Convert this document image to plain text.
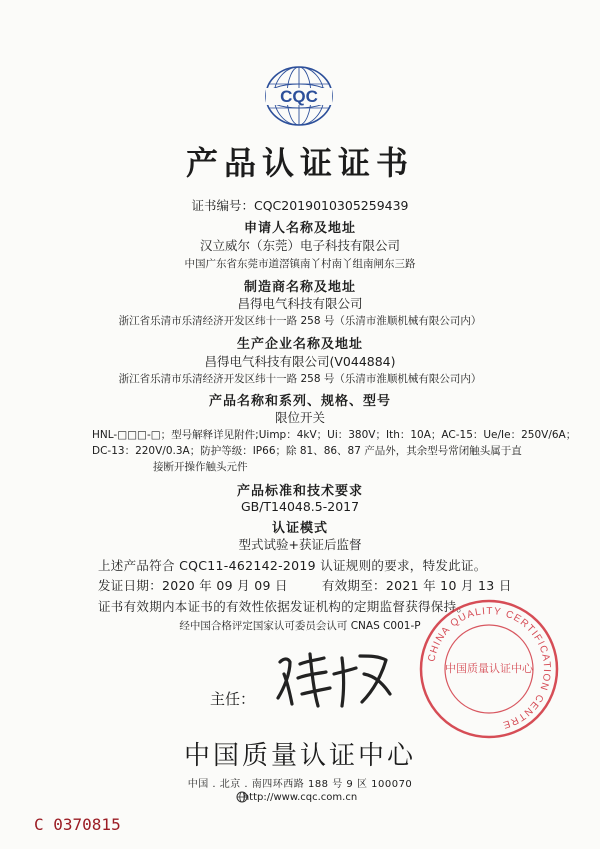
CQC
产品认证证书
证书编号：CQC2019010305259439
申请人名称及地址
汉立威尔（东莞）电子科技有限公司
中国广东省东莞市道滘镇南丫村南丫组南闸东三路
制造商名称及地址
昌得电气科技有限公司
浙江省乐清市乐清经济开发区纬十一路 258 号（乐清市淮顺机械有限公司内）
生产企业名称及地址
昌得电气科技有限公司(V044884)
浙江省乐清市乐清经济开发区纬十一路 258 号（乐清市淮顺机械有限公司内）
产品名称和系列、规格、型号
限位开关
HNL-□□□-□；型号解释详见附件;Uimp：4kV；Ui：380V；Ith：10A；AC-15：Ue/Ie：250V/6A；
DC-13：220V/0.3A；防护等级：IP66；除 81、86、87 产品外，其余型号常闭触头属于直
接断开操作触头元件
产品标准和技术要求
GB/T14048.5-2017
认证模式
型式试验+获证后监督
上述产品符合 CQC11-462142-2019 认证规则的要求，特发此证。
发证日期：2020 年 09 月 09 日	有效期至：2021 年 10 月 13 日
证书有效期内本证书的有效性依据发证机构的定期监督获得保持。
经中国合格评定国家认可委员会认可 CNAS C001-P
CHINA QUALITY CERTIFICATION CENTRE
中国质量认证中心
陈 梅
主任：
中国质量认证中心
中国 . 北京 . 南四环西路 188 号 9 区 100070
http://www.cqc.com.cn
C 0370815
